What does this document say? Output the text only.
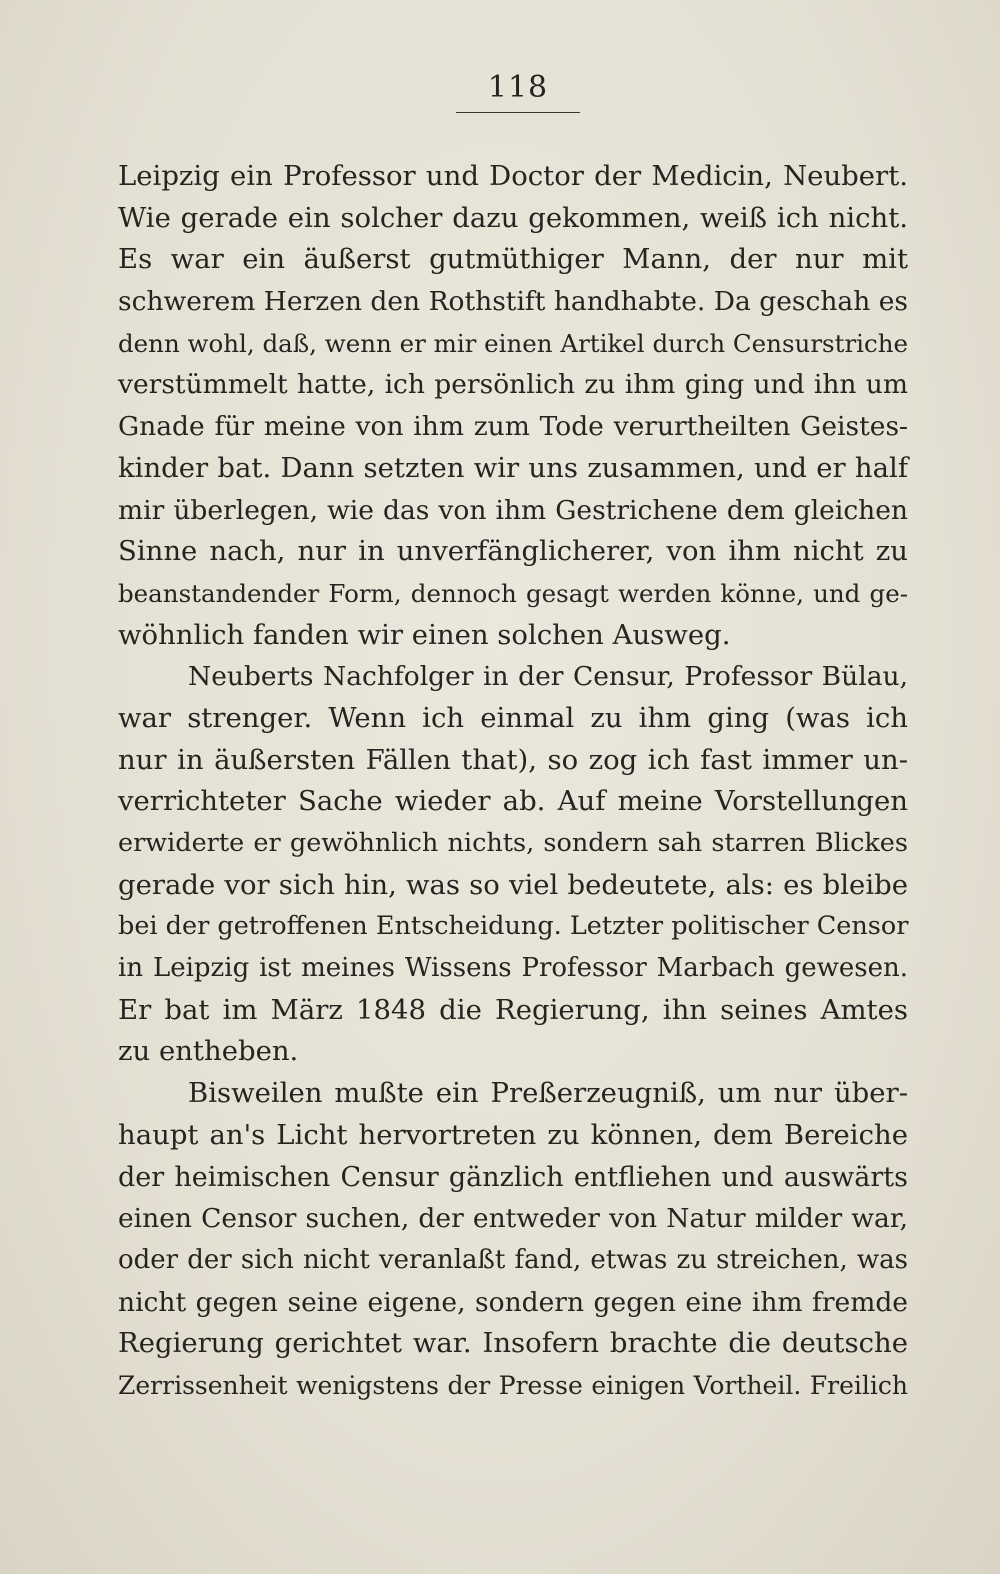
118
Leipzig ein Professor und Doctor der Medicin, Neubert.
Wie gerade ein solcher dazu gekommen, weiß ich nicht.
Es war ein äußerst gutmüthiger Mann, der nur mit
schwerem Herzen den Rothstift handhabte. Da geschah es
denn wohl, daß, wenn er mir einen Artikel durch Censurstriche
verstümmelt hatte, ich persönlich zu ihm ging und ihn um
Gnade für meine von ihm zum Tode verurtheilten Geistes-
kinder bat. Dann setzten wir uns zusammen, und er half
mir überlegen, wie das von ihm Gestrichene dem gleichen
Sinne nach, nur in unverfänglicherer, von ihm nicht zu
beanstandender Form, dennoch gesagt werden könne, und ge-
wöhnlich fanden wir einen solchen Ausweg.
Neuberts Nachfolger in der Censur, Professor Bülau,
war strenger. Wenn ich einmal zu ihm ging (was ich
nur in äußersten Fällen that), so zog ich fast immer un-
verrichteter Sache wieder ab. Auf meine Vorstellungen
erwiderte er gewöhnlich nichts, sondern sah starren Blickes
gerade vor sich hin, was so viel bedeutete, als: es bleibe
bei der getroffenen Entscheidung. Letzter politischer Censor
in Leipzig ist meines Wissens Professor Marbach gewesen.
Er bat im März 1848 die Regierung, ihn seines Amtes
zu entheben.
Bisweilen mußte ein Preßerzeugniß, um nur über-
haupt an's Licht hervortreten zu können, dem Bereiche
der heimischen Censur gänzlich entfliehen und auswärts
einen Censor suchen, der entweder von Natur milder war,
oder der sich nicht veranlaßt fand, etwas zu streichen, was
nicht gegen seine eigene, sondern gegen eine ihm fremde
Regierung gerichtet war. Insofern brachte die deutsche
Zerrissenheit wenigstens der Presse einigen Vortheil. Freilich
